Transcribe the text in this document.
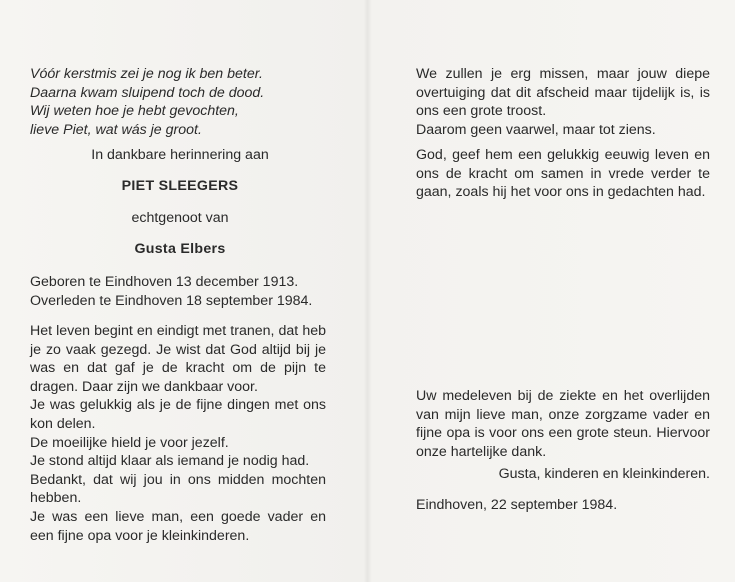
Vóór kerstmis zei je nog ik ben beter.
Daarna kwam sluipend toch de dood.
Wij weten hoe je hebt gevochten,
lieve Piet, wat wás je groot.
In dankbare herinnering aan
PIET SLEEGERS
echtgenoot van
Gusta Elbers
Geboren te Eindhoven 13 december 1913.
Overleden te Eindhoven 18 september 1984.

Het leven begint en eindigt met tranen, dat heb je zo vaak gezegd. Je wist dat God altijd bij je was en dat gaf je de kracht om de pijn te dragen. Daar zijn we dankbaar voor.

Je was gelukkig als je de fijne dingen met ons kon delen.

De moeilijke hield je voor jezelf.

Je stond altijd klaar als iemand je nodig had.

Bedankt, dat wij jou in ons midden mochten hebben.

Je was een lieve man, een goede vader en een fijne opa voor je kleinkinderen.

We zullen je erg missen, maar jouw diepe overtuiging dat dit afscheid maar tijdelijk is, is ons een grote troost.

Daarom geen vaarwel, maar tot ziens.

God, geef hem een gelukkig eeuwig leven en ons de kracht om samen in vrede verder te gaan, zoals hij het voor ons in gedachten had.
Uw medeleven bij de ziekte en het overlijden van mijn lieve man, onze zorgzame vader en fijne opa is voor ons een grote steun. Hiervoor onze hartelijke dank.
Gusta, kinderen en kleinkinderen.
Eindhoven, 22 september 1984.
